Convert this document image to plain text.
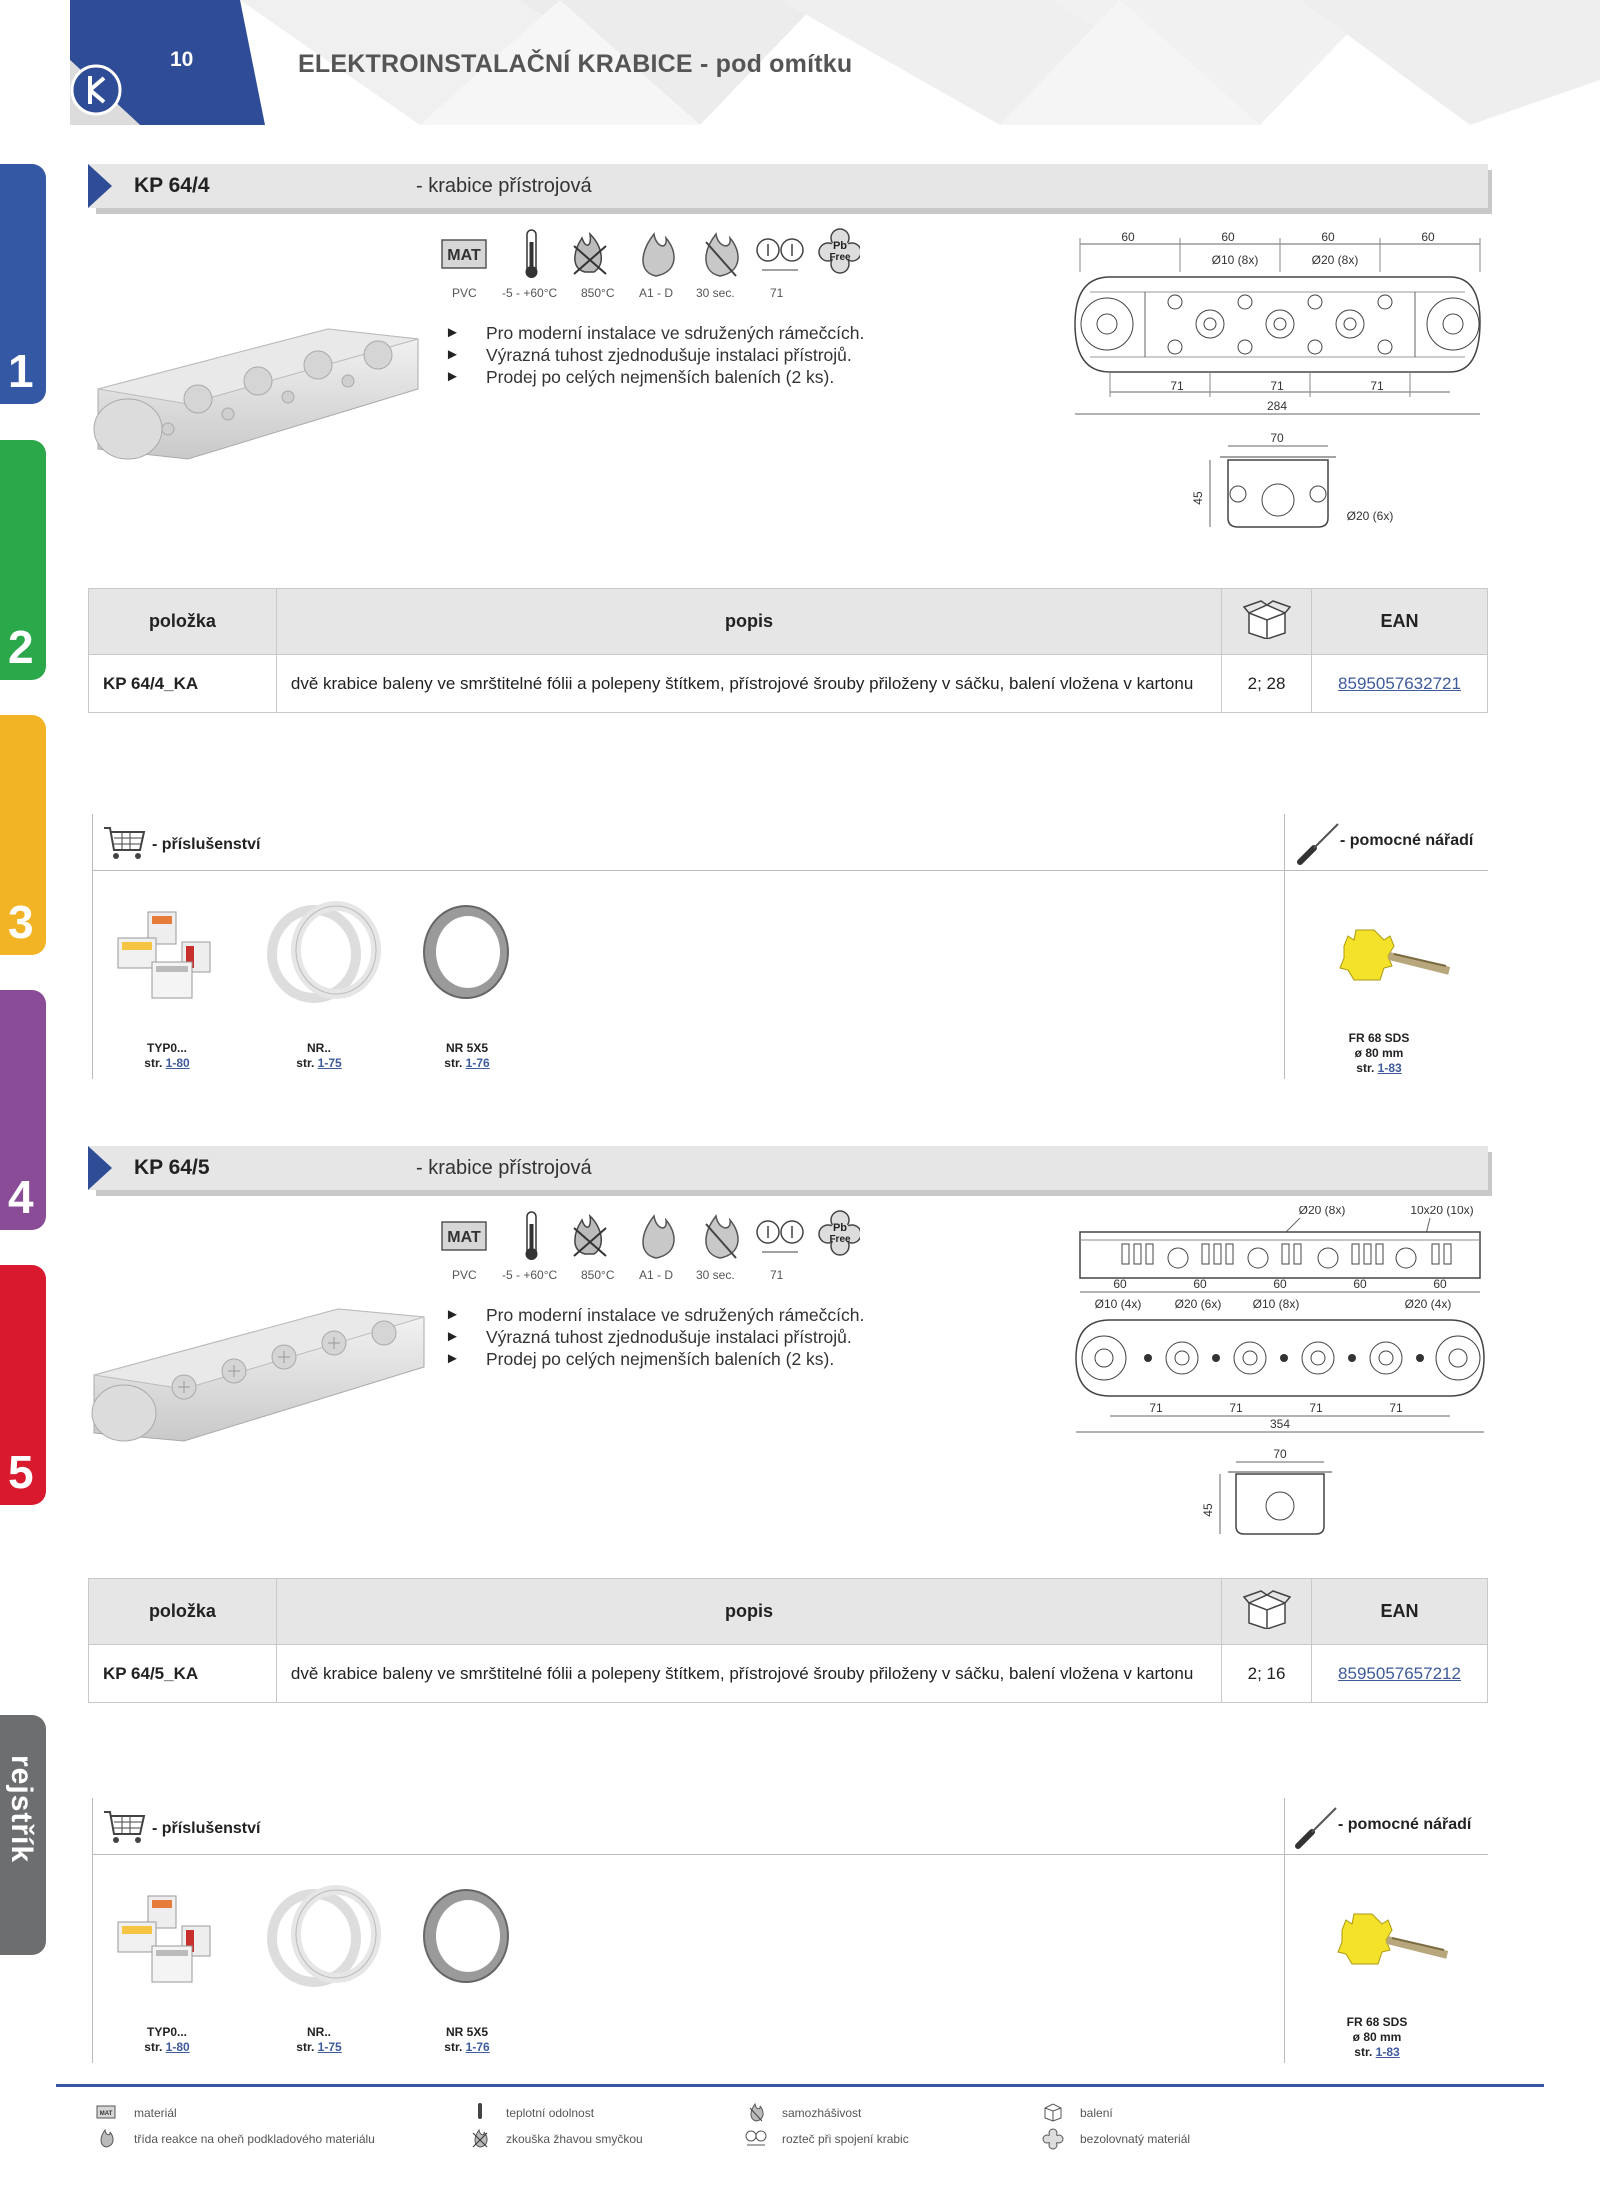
10	ELEKTROINSTALAČNÍ KRABICE - pod omítku
1
2
3
4
5
rejstřík
KP 64/4	- krabice přístrojová
MAT
Pb
Free
PVC -5 - +60°C 850°C A1 - D 30 sec.	71
► Pro moderní instalace ve sdružených rámečcích.
► Výrazná tuhost zjednodušuje instalaci přístrojů.
► Prodej po celých nejmenších baleních (2 ks).
60	60	60	60
Ø10 (8x)	Ø20 (8x)
71	71	71
284
70
45
Ø20 (6x)
položka	popis		EAN
KP 64/4_KA	dvě krabice baleny ve smrštitelné fólii a polepeny štítkem, přístrojové šrouby přiloženy v sáčku, balení vložena v kartonu	2; 28	8595057632721
- příslušenství	- pomocné nářadí
TYP0...
str. 1-80
NR..
str. 1-75
NR 5X5
str. 1-76
FR 68 SDS
ø 80 mm
str. 1-83
KP 64/5	- krabice přístrojová
MAT
Pb
Free
PVC -5 - +60°C 850°C A1 - D 30 sec.	71
► Pro moderní instalace ve sdružených rámečcích.
► Výrazná tuhost zjednodušuje instalaci přístrojů.
► Prodej po celých nejmenších baleních (2 ks).
Ø20 (8x)	10x20 (10x)
60	60	60	60	60
Ø10 (4x)	Ø20 (6x)	Ø10 (8x)	Ø20 (4x)
71	71	71	71
354
70
45
položka	popis		EAN
KP 64/5_KA	dvě krabice baleny ve smrštitelné fólii a polepeny štítkem, přístrojové šrouby přiloženy v sáčku, balení vložena v kartonu	2; 16	8595057657212
- příslušenství	- pomocné nářadí
TYP0...
str. 1-80
NR..
str. 1-75
NR 5X5
str. 1-76
FR 68 SDS
ø 80 mm
str. 1-83
MAT materiál	teplotní odolnost	samozhášivost	balení
třída reakce na oheň podkladového materiálu	zkouška žhavou smyčkou	rozteč při spojení krabic	bezolovnatý materiál
